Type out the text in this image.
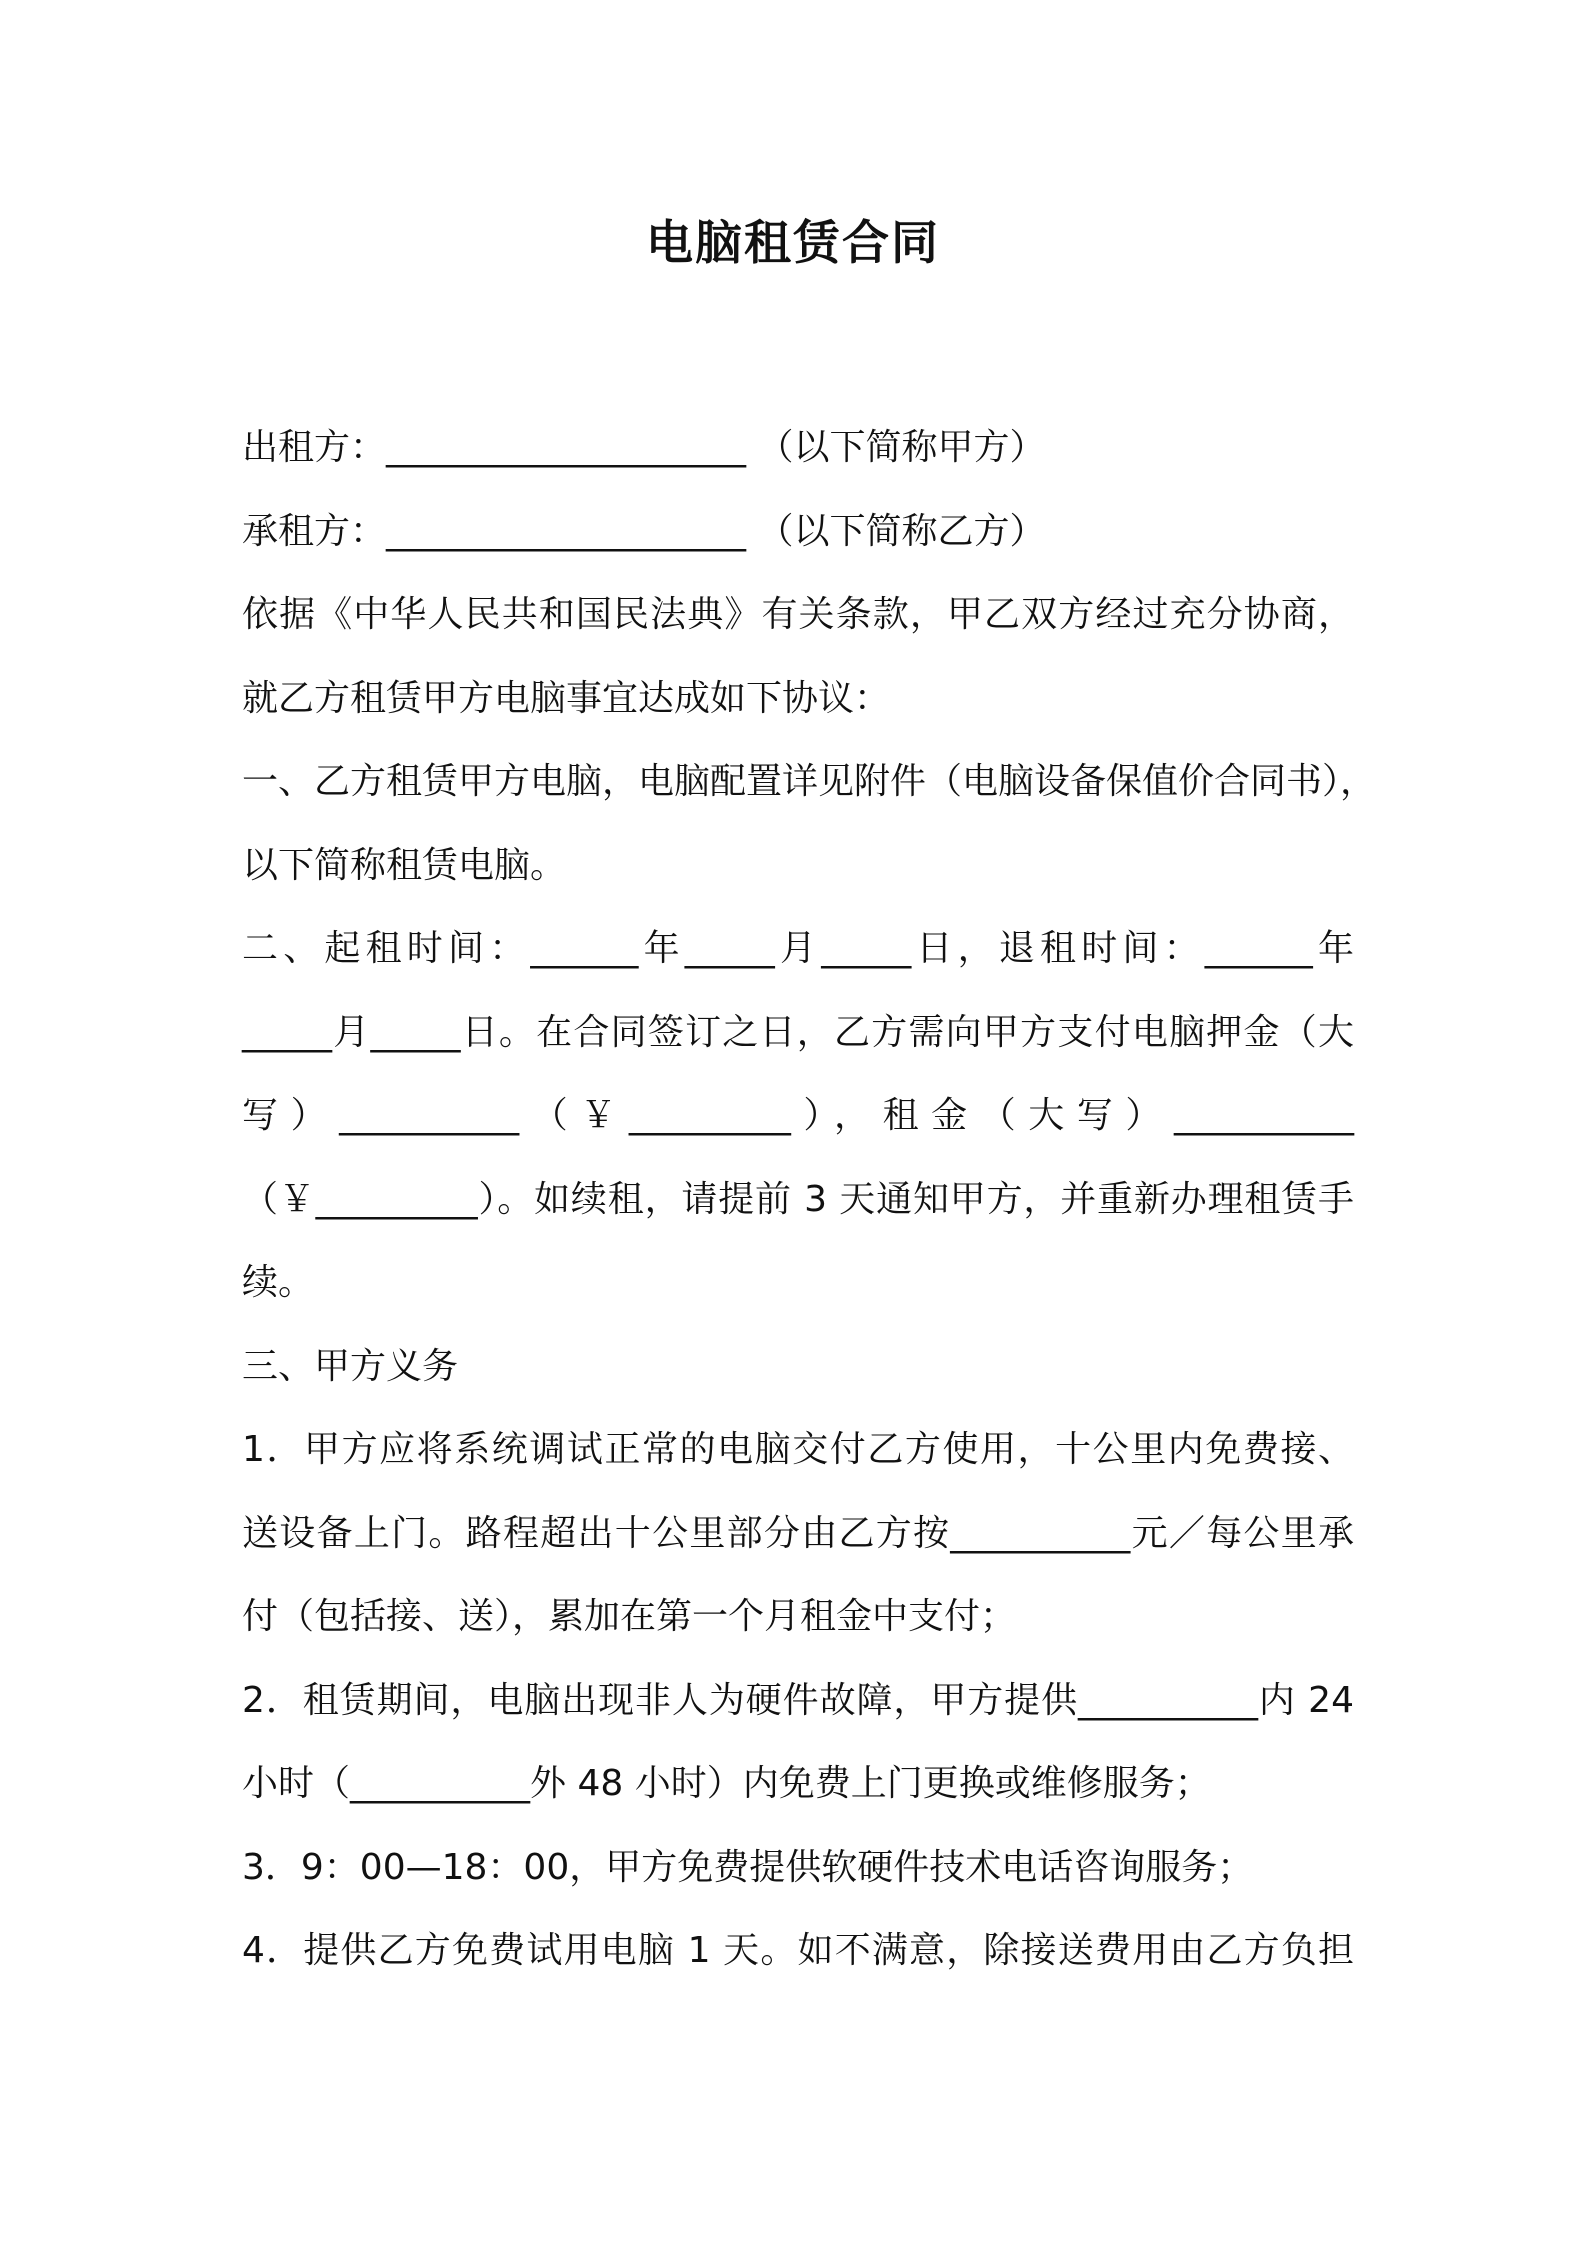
电脑租赁合同

出租方：____________________ （以下简称甲方）

承租方：____________________ （以下简称乙方）

依据《中华人民共和国民法典》有关条款，甲乙双方经过充分协商，

就乙方租赁甲方电脑事宜达成如下协议：

一、乙方租赁甲方电脑，电脑配置详见附件（电脑设备保值价合同书），

以下简称租赁电脑。

二、起租时间：______年_____月_____日，退租时间：______年

_____月_____日。在合同签订之日，乙方需向甲方支付电脑押金（大

写）__________（￥_________），租金（大写）__________

（￥_________）。如续租，请提前 3 天通知甲方，并重新办理租赁手

续。

三、甲方义务

1．甲方应将系统调试正常的电脑交付乙方使用，十公里内免费接、

送设备上门。路程超出十公里部分由乙方按__________元／每公里承

付（包括接、送），累加在第一个月租金中支付；

2．租赁期间，电脑出现非人为硬件故障，甲方提供__________内 24

小时（__________外 48 小时）内免费上门更换或维修服务；

3．9：00—18：00，甲方免费提供软硬件技术电话咨询服务；

4．提供乙方免费试用电脑 1 天。如不满意，除接送费用由乙方负担
